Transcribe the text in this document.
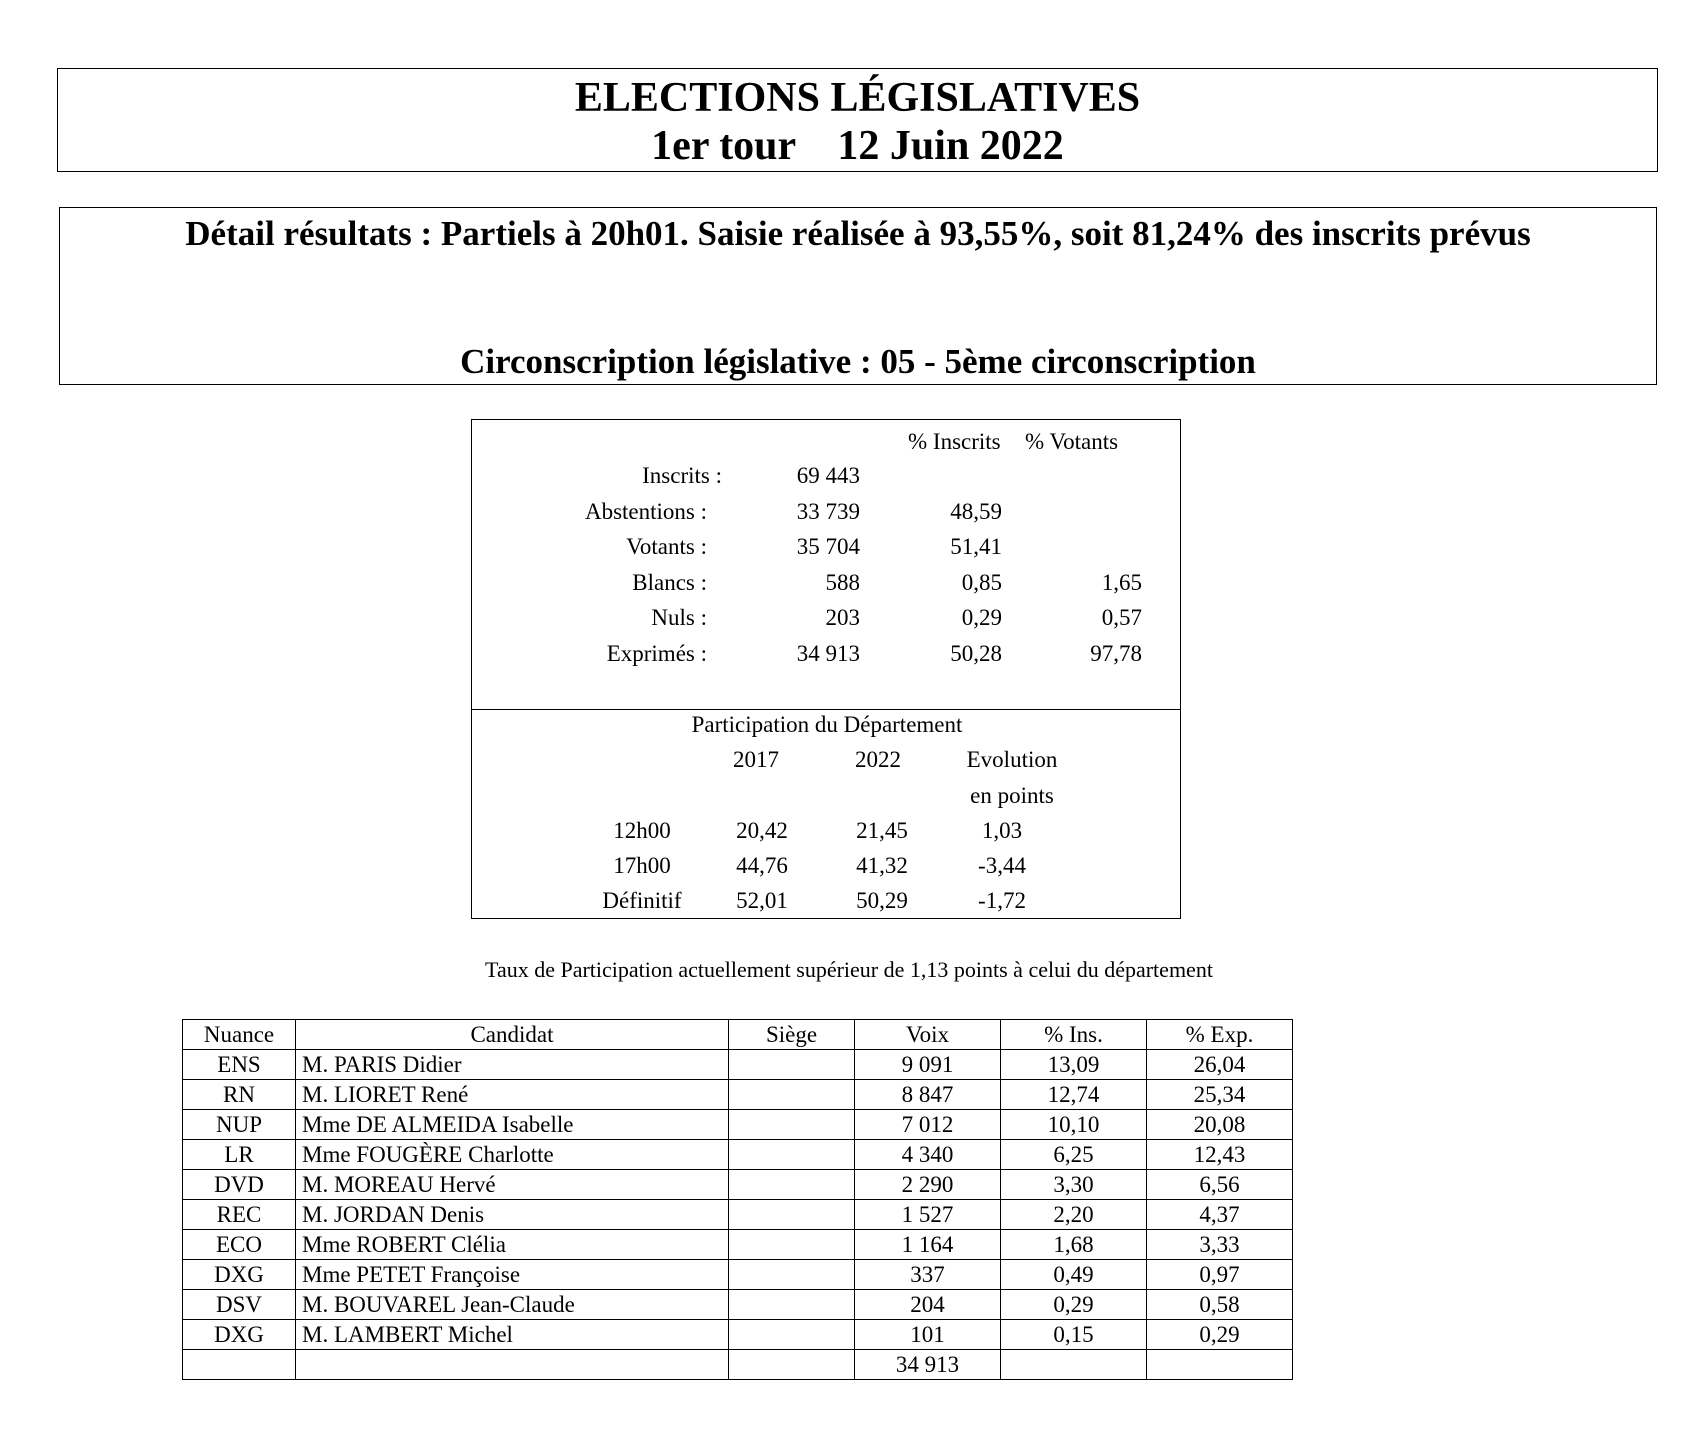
ELECTIONS LÉGISLATIVES
1er tour    12 Juin 2022
Détail résultats : Partiels à 20h01. Saisie réalisée à 93,55%, soit 81,24% des inscrits prévus
Circonscription législative : 05 - 5ème circonscription
% Inscrits % Votants
Inscrits :	69 443
Abstentions :	33 739	48,59
Votants :	35 704	51,41
Blancs :	588	0,85	1,65
Nuls :	203	0,29	0,57
Exprimés :	34 913	50,28	97,78
Participation du Département
2017	2022	Evolution
en points
12h00	20,42	21,45	1,03
17h00	44,76	41,32	-3,44
Définitif	52,01	50,29	-1,72
Taux de Participation actuellement supérieur de 1,13 points à celui du département
Nuance	Candidat	Siège	Voix	% Ins.	% Exp.
ENS	M. PARIS Didier		9 091	13,09	26,04
RN	M. LIORET René		8 847	12,74	25,34
NUP	Mme DE ALMEIDA Isabelle		7 012	10,10	20,08
LR	Mme FOUGÈRE Charlotte		4 340	6,25	12,43
DVD	M. MOREAU Hervé		2 290	3,30	6,56
REC	M. JORDAN Denis		1 527	2,20	4,37
ECO	Mme ROBERT Clélia		1 164	1,68	3,33
DXG	Mme PETET Françoise		337	0,49	0,97
DSV	M. BOUVAREL Jean-Claude		204	0,29	0,58
DXG	M. LAMBERT Michel		101	0,15	0,29
			34 913		
